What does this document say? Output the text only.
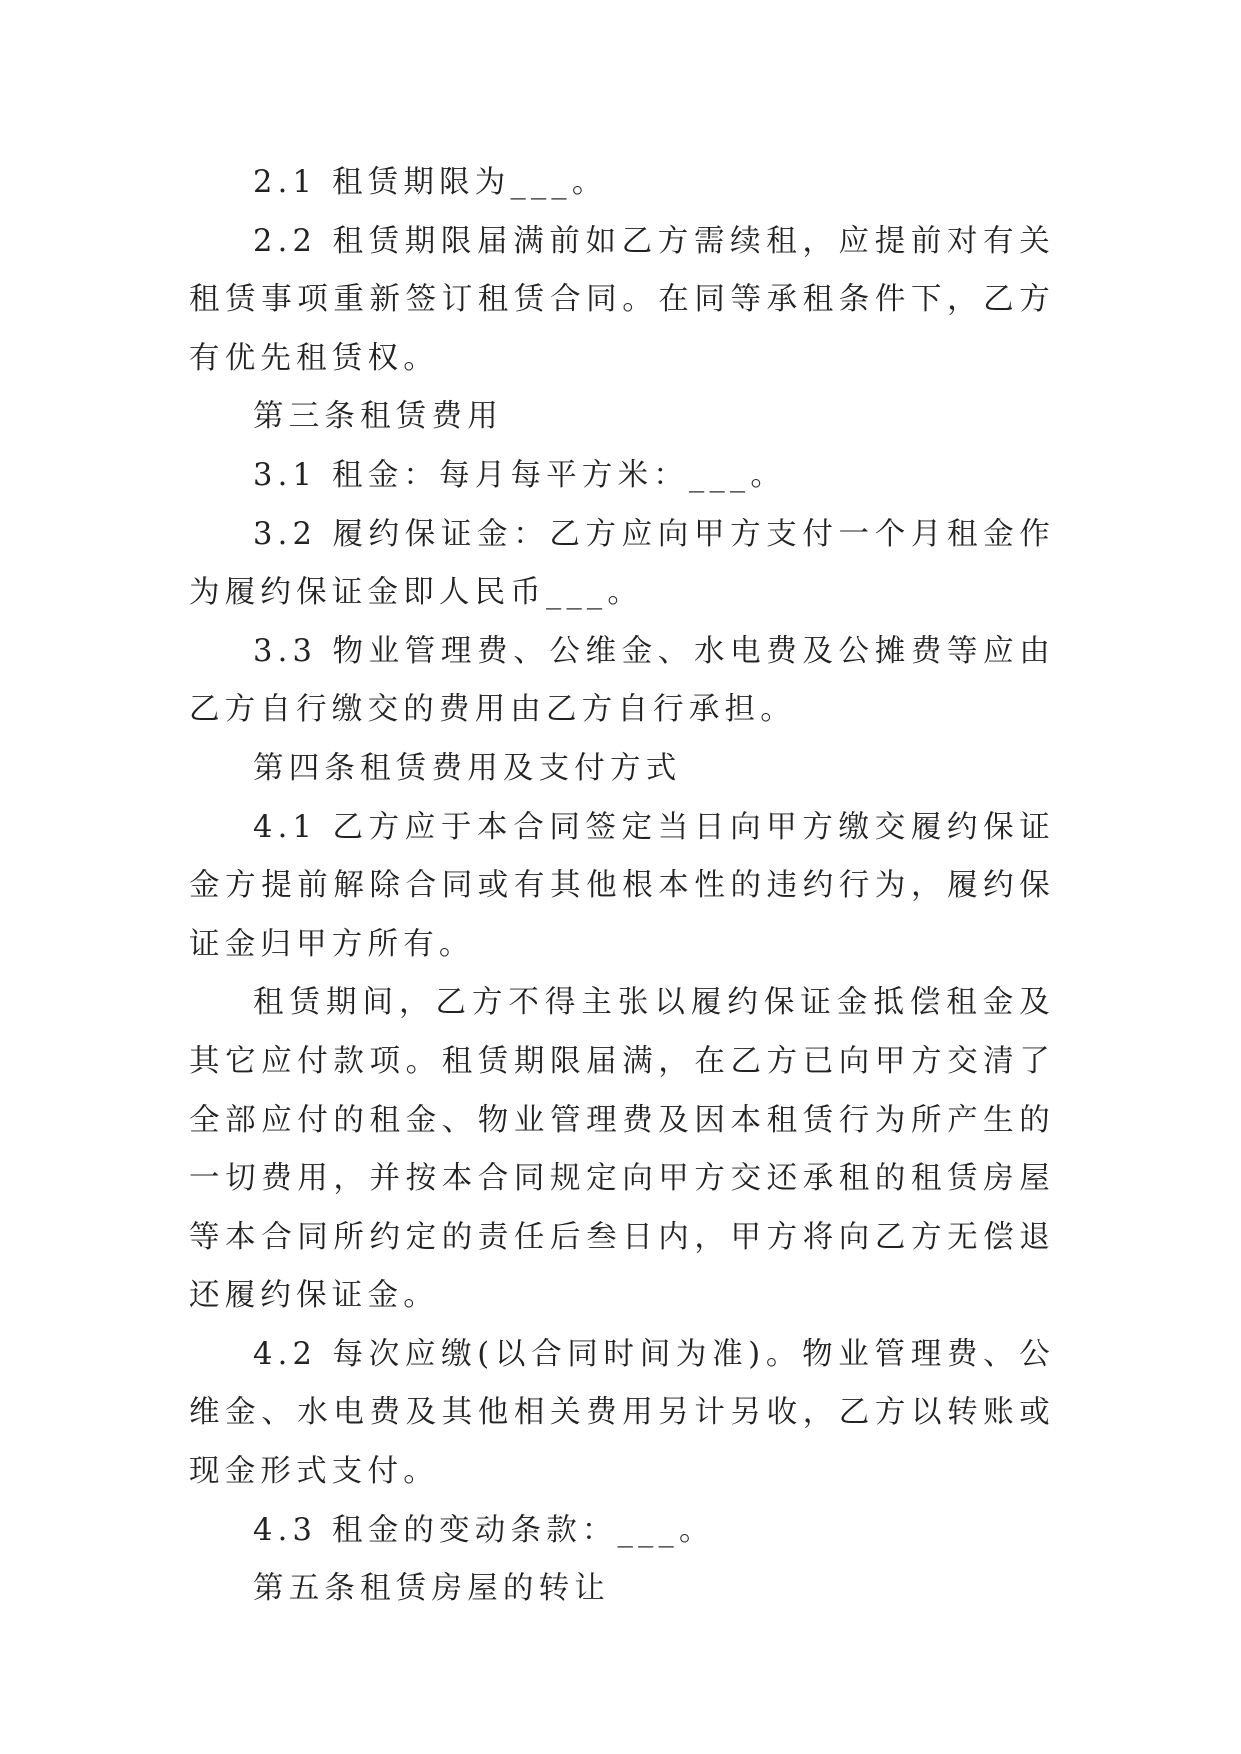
2.1 租赁期限为___。

2.2 租赁期限届满前如乙方需续租，应提前对有关租赁事项重新签订租赁合同。在同等承租条件下，乙方有优先租赁权。

第三条租赁费用

3.1 租金：每月每平方米：___。

3.2 履约保证金：乙方应向甲方支付一个月租金作为履约保证金即人民币___。

3.3 物业管理费、公维金、水电费及公摊费等应由乙方自行缴交的费用由乙方自行承担。

第四条租赁费用及支付方式

4.1 乙方应于本合同签定当日向甲方缴交履约保证金方提前解除合同或有其他根本性的违约行为，履约保证金归甲方所有。

租赁期间，乙方不得主张以履约保证金抵偿租金及其它应付款项。租赁期限届满，在乙方已向甲方交清了全部应付的租金、物业管理费及因本租赁行为所产生的一切费用，并按本合同规定向甲方交还承租的租赁房屋等本合同所约定的责任后叁日内，甲方将向乙方无偿退还履约保证金。

4.2 每次应缴(以合同时间为准)。物业管理费、公维金、水电费及其他相关费用另计另收，乙方以转账或现金形式支付。

4.3 租金的变动条款：___。

第五条租赁房屋的转让
